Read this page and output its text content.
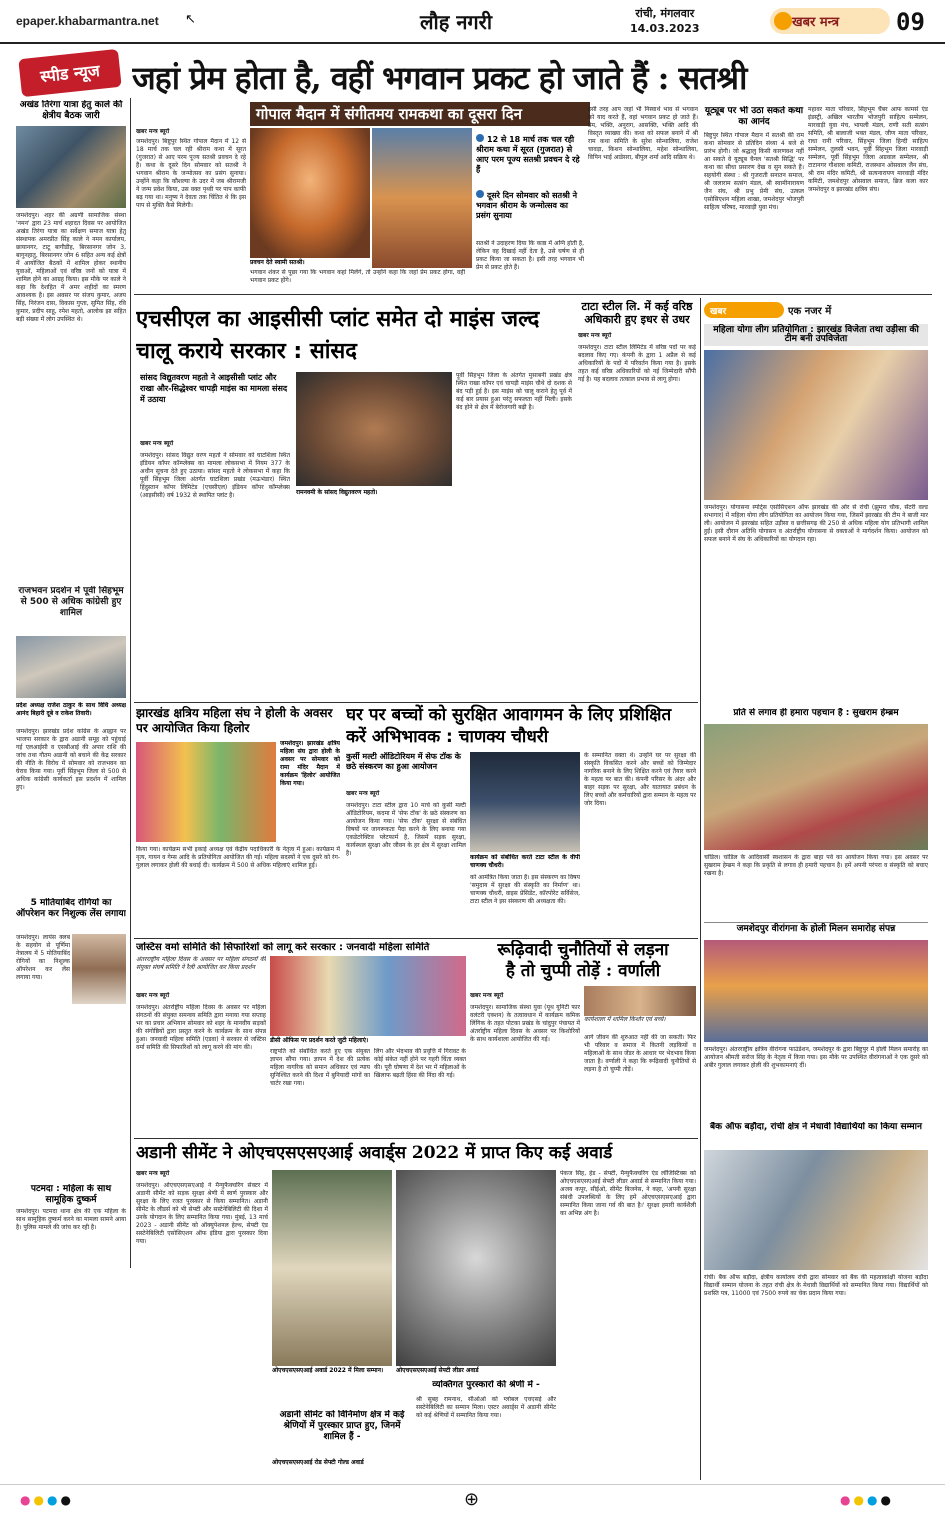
epaper.khabarmantra.net ↖	लौह नगरी	रांची, मंगलवार
14.03.2023	खबर मन्त्र	09
स्पीड न्यूज जहां प्रेम होता है, वहीं भगवान प्रकट हो जाते हैं : सतश्री
अखंड तिरंगा यात्रा हेतु काले की क्षेत्रीय बैठक जारी
जमशेदपुर। शहर की अग्रणी सामाजिक संस्था 'नमन' द्वारा 23 मार्च शहादत दिवस पर आयोजित अखंड तिरंगा यात्रा का सर्वेक्षण समाज यात्रा हेतु संस्थापक अमरप्रीत सिंह काले ने नमन कार्यालय, छायानगर, टाटू बागीडीह, बिरसानगर जोन 3, बागुनहातु, बिरसानगर जोन 6 सहित अन्य कई क्षेत्रों में आयोजित बैठकों में शामिल होकर स्थानीय युवाओं, महिलाओं एवं वरिष्ठ जनों को यात्रा में शामिल होने का आग्रह किया। इस मौके पर काले ने कहा कि देशहित में अमर शहीदों का स्मरण आवश्यक है। इस अवसर पर संजय कुमार, अजय सिंह, निरंजन दास, विकास गुप्ता, सुमित सिंह, रवि कुमार, प्रदीप साहू, रमेश महतो, आलोक झा सहित बड़ी संख्या में लोग उपस्थित थे।
राजभवन प्रदर्शन में पूर्वी सिंहभूम से 500 से अधिक कांग्रेसी हुए शामिल
प्रदेश अध्यक्ष राजेश ठाकुर के साथ विधि अध्यक्ष आनंद बिहारी दूबे व राकेश तिवारी।
जमशेदपुर। झारखंड प्रदेश कांग्रेस के आह्वान पर भाजपा सरकार के द्वारा अडानी समूह को पहुंचाई गई एलआईसी व एसबीआई की अपार राशि की जांच तथा गौतम अडानी को बचाने की केंद्र सरकार की नीति के विरोध में सोमवार को राजभवन का घेराव किया गया। पूर्वी सिंहभूम जिला से 500 से अधिक कांग्रेसी कार्यकर्ता इस प्रदर्शन में शामिल हुए।
5 मोतियाबिंद रोगियों का ऑपरेशन कर निशुल्क लेंस लगाया
जमशेदपुर। लायंस क्लब के सहयोग से पूर्णिमा नेत्रालय में 5 मोतियाबिंद रोगियों का निशुल्क ऑपरेशन कर लेंस लगाया गया।
पटमदा : महिला के साथ सामूहिक दुष्कर्म
जमशेदपुर। पटमदा थाना क्षेत्र की एक महिला के साथ सामूहिक दुष्कर्म करने का मामला सामने आया है। पुलिस मामले की जांच कर रही है।
गोपाल मैदान में संगीतमय रामकथा का दूसरा दिन
खबर मन्त्र ब्यूरो
जमशेदपुर। बिष्टुपुर स्थित गोपाल मैदान में 12 से 18 मार्च तक चल रही श्रीराम कथा में सूरत (गुजरात) से आए परम पूज्य सतश्री प्रवचन दे रहे हैं। कथा के दूसरे दिन सोमवार को सतश्री ने भगवान श्रीराम के जन्मोत्सव का प्रसंग सुनाया। उन्होंने कहा कि कौशल्या के उदर में जब श्रीरामजी ने जन्म प्रवेश किया, उस वक्त पृथ्वी पर पाप काफी बढ़ गया था। मनुष्य ने देवता तक चिंतित थे कि इस पाप से मुक्ति कैसे मिलेगी।
प्रवचन देते स्वामी सतश्री।
भगवान शंकर से पूछा गया कि भगवान कहां मिलेंगे, तो उन्होंने कहा कि जहां प्रेम प्रकट होगा, वहीं भगवान प्रकट होंगे।
12 से 18 मार्च तक चल रही श्रीराम कथा में सूरत (गुजरात) से आए परम पूज्य सतश्री प्रवचन दे रहे हैं
दूसरे दिन सोमवार को सतश्री ने भगवान श्रीराम के जन्मोत्सव का प्रसंग सुनाया
सतश्री ने उदाहरण दिया कि काष्ठ में अग्नि होती है, लेकिन वह दिखाई नहीं देता है, उसे घर्षण से ही प्रकट किया जा सकता है। इसी तरह भगवान भी प्रेम से प्रकट होते हैं।
इसी तरह आप जहां भी निस्वार्थ भाव से भगवान को याद करते हैं, वहां भगवान प्रकट हो जाते हैं। प्रेम, भक्ति, अनुराग, आसक्ति, भक्ति आदि की विस्तृत व्याख्या की। कथा को सफल बनाने में श्री राम कथा समिति के सुरेश सोन्थालिया, राजेश चावड़ा, किशन सोन्थालिया, महेश सोन्थालिया, विपिन भाई आडेसरा, बीपुल शर्मा आदि सक्रिय थे।
यूट्यूब पर भी उठा सकते कथा का आनंद
बिष्टुपुर स्थित गोपाल मैदान में सतश्री की राम कथा सोमवार से प्रतिदिन संध्या 4 बजे से प्रारंभ होगी। जो श्रद्धालु किसी कारणवश नहीं आ सकते वे यूट्यूब चैनल 'सतश्री सिद्धि' पर कथा का सीधा प्रसारण देख व सुन सकते हैं। सहयोगी संस्था : श्री गुजराती सनातन समाज, श्री जलाराम सत्संग मंडल, श्री स्वामीनारायण जैन संघ, श्री प्रभु प्रेमी संघ, उत्कल एसोसिएशन महिला शाखा, जमशेदपुर भोजपुरी साहित्य परिषद, मारवाड़ी युवा मंच।
महावर माता परिवार, सिंहभूम चैंबर आफ कामर्स एंड इंडस्ट्री, अखिल भारतीय भोजपुरी साहित्य सम्मेलन, मारवाड़ी युवा मंच, भायली मंडल, राणी सती सत्संग समिति, श्री बालाजी भक्त मंडल, जीण माता परिवार, राधा रानी परिवार, सिंहभूम जिला हिन्दी साहित्य सम्मेलन, तुलसी भवन, पूर्वी सिंहभूम जिला मारवाड़ी सम्मेलन, पूर्वी सिंहभूम जिला अग्रवाल सम्मेलन, श्री टाटानगर गौशाला कमिटी, राजस्थान ओसवाल जैन संघ, श्री राम मंदिर कमिटी, श्री सत्यनारायण मारवाड़ी मंदिर कमिटी, जमशेदपुर ओसवाल समाज, ब्रिज कला कार जमशेदपुर व झारखंड क्षत्रिय संघ।
खबर	एक नजर में
महिला योगा लीग प्रतियोगिता : झारखंड विजेता तथा उड़ीसा की टीम बनी उपविजेता
जमशेदपुर। योगासना स्पोर्ट्स एसोसिएशन ऑफ झारखंड की ओर से रांची (झुमरा चौक, सेंटरी वल्ड सभागार) में महिला योगा लीग प्रतियोगिता का आयोजन किया गया, जिसमें झारखंड की टीम ने बाजी मार ली। आयोजन में झारखंड सहित उड़ीसा व छत्तीसगढ़ की 250 से अधिक महिला योग प्रतिभागी शामिल हुईं। इसी दौरान अतिथि योगासन व अंतर्राष्ट्रीय योगासना से वक्ताओं ने मार्गदर्शन किया। आयोजन को सफल बनाने में संघ के अधिकारियों का योगदान रहा।
प्रति से लगाव ही हमारा पहचान है : सुखराम हेम्ब्रम
चांडिल। चांडिल के आदिवासी स्वशासन के द्वारा बाहा पर्व का आयोजन किया गया। इस अवसर पर सुखराम हेम्ब्रम ने कहा कि प्रकृति से लगाव ही हमारी पहचान है। हमें अपनी परंपरा व संस्कृति को बचाए रखना है।
जमशेदपुर वीरांगना के होली मिलन समारोह संपन्न
जमशेदपुर। अंतरराष्ट्रीय क्षत्रिय वीरांगना फाउंडेशन, जमशेदपुर के द्वारा बिष्टुपुर में होली मिलन समारोह का आयोजन श्रीमती सरोज सिंह के नेतृत्व में किया गया। इस मौके पर उपस्थित वीरांगनाओं ने एक दूसरे को अबीर गुलाल लगाकर होली की शुभकामनाएं दीं।
बैंक ऑफ बड़ौदा, रांची क्षेत्र ने मेधावी विद्यार्थियों का किया सम्मान
रांची। बैंक ऑफ बड़ौदा, क्षेत्रीय कार्यालय रांची द्वारा सोमवार को बैंक की महत्वाकांक्षी योजना बड़ौदा विद्यार्थी सम्मान योजना के तहत रांची क्षेत्र के मेधावी विद्यार्थियों को सम्मानित किया गया। विद्यार्थियों को प्रशस्ति पत्र, 11000 एवं 7500 रुपये का चेक प्रदान किया गया।
एचसीएल का आइसीसी प्लांट समेत दो माइंस जल्द चालू कराये सरकार : सांसद
सांसद विद्युतवरण महतो ने आइसीसी प्लांट और राखा और-सिद्धेश्वर चापड़ी माइंस का मामला संसद में उठाया
रामनवमी के सांसद विद्युतवरण महतो।
खबर मन्त्र ब्यूरो
जमशेदपुर। सांसद विद्युत वरण महतो ने सोमवार को घाटशिला स्थित इंडियन कॉपर कॉम्प्लेक्स का मामला लोकसभा में नियम 377 के अधीन सूचना देते हुए उठाया। सांसद महतो ने लोकसभा में कहा कि पूर्वी सिंहभूम जिला अंतर्गत घाटशिला प्रखंड (मऊभंडार) स्थित हिंदुस्तान कॉपर लिमिटेड (एचसीएल) इंडियन कॉपर कॉम्प्लेक्स (आइसीसी) वर्ष 1932 से स्थापित प्लांट है।
पूर्वी सिंहभूम जिला के अंतर्गत मुसाबनी प्रखंड क्षेत्र स्थित राखा कॉपर एवं चापड़ी माइंस चौथे दो दशक से बंद पड़ी हुई है। इस माइंस को चालू कराने हेतु पूर्व में कई बार प्रयास हुआ परंतु सफलता नहीं मिली। इसके बंद होने से क्षेत्र में बेरोजगारी बढ़ी है।
टाटा स्टील लि. में कई वरिष्ठ अधिकारी हुए इधर से उधर
खबर मन्त्र ब्यूरो
जमशेदपुर। टाटा स्टील लिमिटेड में वरिष्ठ पदों पर कई बदलाव किए गए। कंपनी के द्वारा 1 अप्रैल से कई अधिकारियों के पदों में परिवर्तन किया गया है। इसके तहत कई वरिष्ठ अधिकारियों को नई जिम्मेदारी सौंपी गई है। यह बदलाव तत्काल प्रभाव से लागू होगा।
झारखंड क्षत्रिय महिला संघ ने होली के अवसर पर आयोजित किया हिलोर
जमशेदपुर। झारखंड क्षत्रिय महिला संघ द्वारा होली के अवसर पर सोमवार को रामा मंदिर मैदान में कार्यक्रम 'हिलोर' आयोजित किया गया।
किया गया। कार्यक्रम सभी इकाई अध्यक्ष एवं केंद्रीय पदाधिकारी के नेतृत्व में हुआ। कार्यक्रम में नृत्य, गायन व गेम्स आदि के प्रतियोगिता आयोजित की गई। महिला सदस्यों ने एक दूसरे को रंग-गुलाल लगाकर होली की बधाई दी। कार्यक्रम में 500 से अधिक महिलाएं शामिल हुईं।
घर पर बच्चों को सुरक्षित आवागमन के लिए प्रशिक्षित करें अभिभावक : चाणक्य चौधरी
कुर्सी मल्टी ऑडिटोरियम में सेफ टॉक के छठे संस्करण का हुआ आयोजन
खबर मन्त्र ब्यूरो
जमशेदपुर। टाटा स्टील द्वारा 10 मार्च को कुर्सी मल्टी ऑडिटोरियम, कदमा में 'सेफ टॉक' के छठे संस्करण का आयोजन किया गया। 'सेफ टॉक' सुरक्षा से संबंधित विषयों पर जागरूकता पैदा करने के लिए बनाया गया एकडेटरेक्टिव प्लेटफार्म है, जिसमें सड़क सुरक्षा, कार्यस्थल सुरक्षा और जीवन के हर क्षेत्र में सुरक्षा शामिल है।
कार्यक्रम को संबोधित करते टाटा स्टील के वीपी चाणक्य चौधरी।
को आमंत्रित किया जाता है। इस संस्करण का विषय 'समुदाय में सुरक्षा की संस्कृति का निर्माण' था। चाणक्य चौधरी, वाइस प्रेसिडेंट, कॉरपोरेट सर्विसेज, टाटा स्टील ने इस संस्करण की अध्यक्षता की।
के सम्मानित वक्ता थे। उन्होंने घर पर सुरक्षा की संस्कृति विकसित करने और बच्चों को जिम्मेदार नागरिक बनाने के लिए शिक्षित करने एवं तैयार करने के महत्व पर बात की। कंपनी परिसर के अंदर और बाहर सड़क पर सुरक्षा, और यातायात प्रबंधन के लिए बच्चों और कर्मचारियों द्वारा सम्मान के महत्व पर जोर दिया।
जस्टिस वर्मा समिति की सिफारिशों को लागू करे सरकार : जनवादी महिला समिति
अंतरराष्ट्रीय महिला दिवस के अवसर पर महिला संगठनों की संयुक्त संघर्ष समिति ने रैली आयोजित कर किया प्रदर्शन
डीसी ऑफिस पर प्रदर्शन करते जुटी महिलाएं।
खबर मन्त्र ब्यूरो
जमशेदपुर। अंतर्राष्ट्रीय महिला दिवस के अवसर पर महिला संगठनों की संयुक्त समन्वय समिति द्वारा मनाया गया सप्ताह भर का प्रचार अभियान सोमवार को शहर के मानवीय सड़कों की संगोष्ठियों द्वारा प्रस्तुत करने के कार्यक्रम के साथ संपन्न हुआ। जनवादी महिला समिति (एडवा) ने सरकार से जस्टिस वर्मा समिति की सिफारिशों को लागू करने की मांग की।
राष्ट्रपति को संबोधित करते हुए एक संयुक्त ज्ञापन सौंपा गया। ज्ञापन में देश की प्रत्येक महिला नागरिक को समान अधिकार एवं न्याय सुनिश्चित करने की दिशा में बुनियादी मांगों का चार्टर रखा गया।
लिंग और भेदभाव की प्रवृत्ति में गिरावट के कोई संकेत नहीं होने पर गहरी चिंता व्यक्त की। पूरी घोषणा में देश भर में महिलाओं के खिलाफ बढ़ती हिंसा की निंदा की गई।
रूढ़िवादी चुनौतियों से लड़ना
है तो चुप्पी तोड़ें : वर्णाली
कार्यशाला में शामिल किशोर एवं बच्चे।
खबर मन्त्र ब्यूरो
जमशेदपुर। सामाजिक संस्था युवा (यूथ यूनिटी फार वलंटरी एक्शन) के तत्वावधान में कार्यक्रम कमिक लिंगिक के तहत पोटका प्रखंड के चांदुपुर पंचायत में अंतर्राष्ट्रीय महिला दिवस के अवसर पर किशोरियों के साथ कार्यशाला आयोजित की गई।	आगे जीवन की शुरुआत नहीं की जा सकती। फिर भी परिवार व समाज में कितनी लड़कियों व महिलाओं के साथ जेंडर के आधार पर भेदभाव किया जाता है। वर्णाली ने कहा कि रूढ़िवादी चुनौतियों से लड़ना है तो चुप्पी तोड़ें।
अडानी सीमेंट ने ओएचएसएसएआई अवार्ड्स 2022 में प्राप्त किए कई अवार्ड
खबर मन्त्र ब्यूरो
जमशेदपुर। ओएचएसएसएआई ने मैन्युफैक्चरिंग सेक्टर में अडानी सीमेंट को सड़क सुरक्षा श्रेणी में स्वर्ण पुरस्कार और सुरक्षा के लिए रजत पुरस्कार से किया सम्मानित। अडानी सीमेंट के लीडर्स को भी सेफ्टी और सस्टेनेबिलिटी की दिशा में उनके योगदान के लिए सम्मानित किया गया। मुंबई, 13 मार्च 2023 - अडानी सीमेंट को ऑक्युपेशनल हेल्थ, सेफ्टी एंड सस्टेनेबिलिटी एसोसिएशन ऑफ इंडिया द्वारा पुरस्कार दिया गया।
ओएचएसएसएआई अवार्ड 2022 में मिला सम्मान।	ओएचएसएसएआई सेफ्टी लीडर अवार्ड
अडानी सीमेंट को विनिर्माण क्षेत्र में कई श्रेणियों में पुरस्कार प्राप्त हुए, जिनमें शामिल हैं -
व्यक्तिगत पुरस्कारों की श्रेणी में -
श्री सुबह रामनाथ, सीओओ को ग्लोबल एचएसई और सस्टेनेबिलिटी का सम्मान मिला। एस्टर अवार्ड्स में अडानी सीमेंट को कई श्रेणियों में सम्मानित किया गया।
ओएचएसएसएआई रोड सेफ्टी गोल्ड अवार्ड
पंकज सिंह, हेड - सेफ्टी, मैन्युफैक्चरिंग एंड लॉजिस्टिक्स को ओएचएसएसएआई सेफ्टी लीडर अवार्ड से सम्मानित किया गया। अजय कपूर, सीईओ, सीमेंट बिजनेस, ने कहा, 'अपनी सुरक्षा संबंधी उपलब्धियों के लिए हमें ओएचएसएसएआई द्वारा सम्मानित किया जाना गर्व की बात है।' सुरक्षा हमारी कार्यशैली का अभिन्न अंग है।
●●●●	⊕	●●●●
